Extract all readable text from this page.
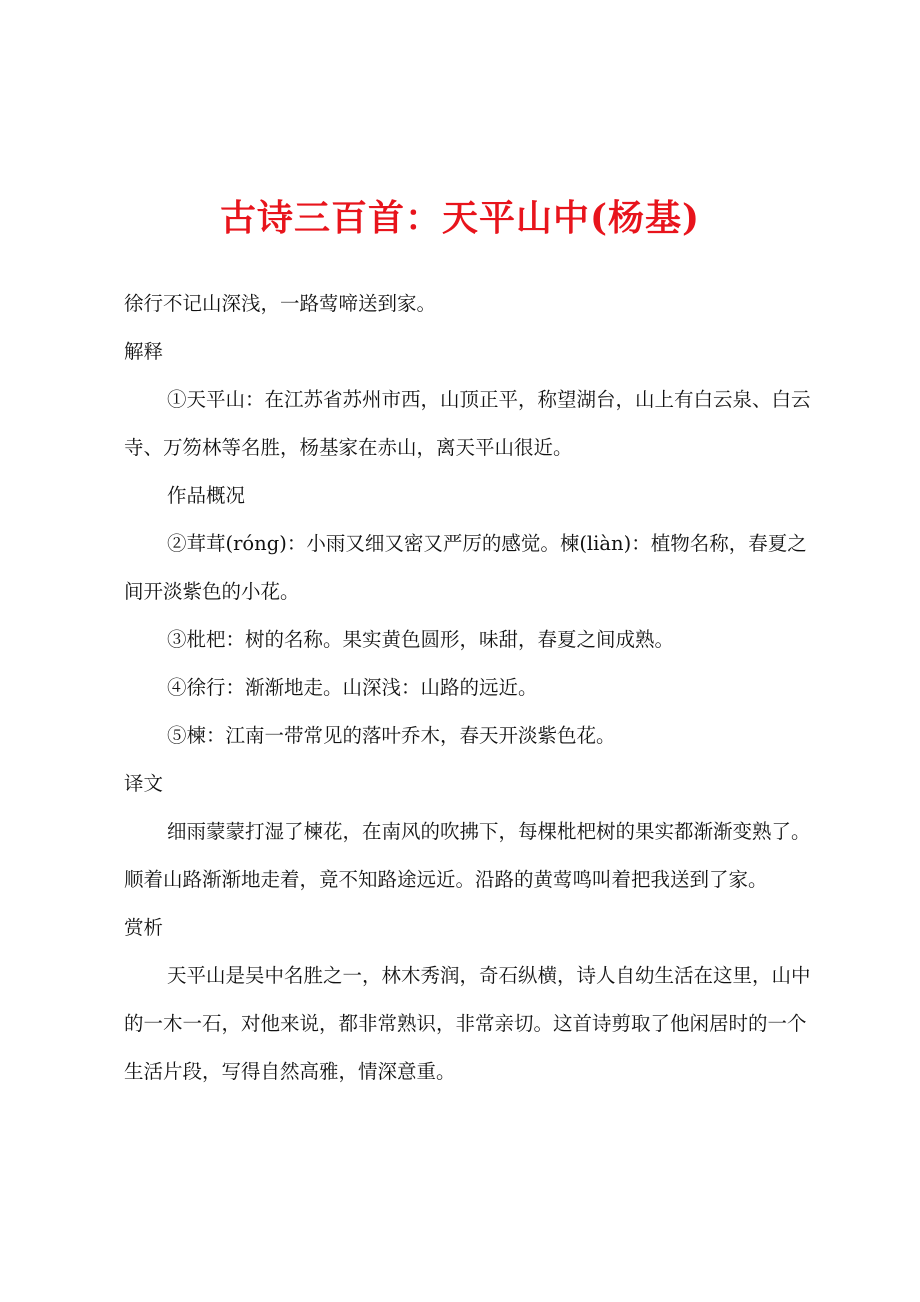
古诗三百首：天平山中(杨基)

徐行不记山深浅，一路莺啼送到家。

解释

①天平山：在江苏省苏州市西，山顶正平，称望湖台，山上有白云泉、白云寺、万笏林等名胜，杨基家在赤山，离天平山很近。

作品概况

②茸茸(róng)：小雨又细又密又严厉的感觉。楝(liàn)：植物名称，春夏之间开淡紫色的小花。

③枇杷：树的名称。果实黄色圆形，味甜，春夏之间成熟。

④徐行：渐渐地走。山深浅：山路的远近。

⑤楝：江南一带常见的落叶乔木，春天开淡紫色花。

译文

细雨蒙蒙打湿了楝花，在南风的吹拂下，每棵枇杷树的果实都渐渐变熟了。顺着山路渐渐地走着，竟不知路途远近。沿路的黄莺鸣叫着把我送到了家。

赏析

天平山是吴中名胜之一，林木秀润，奇石纵横，诗人自幼生活在这里，山中的一木一石，对他来说，都非常熟识，非常亲切。这首诗剪取了他闲居时的一个生活片段，写得自然高雅，情深意重。
